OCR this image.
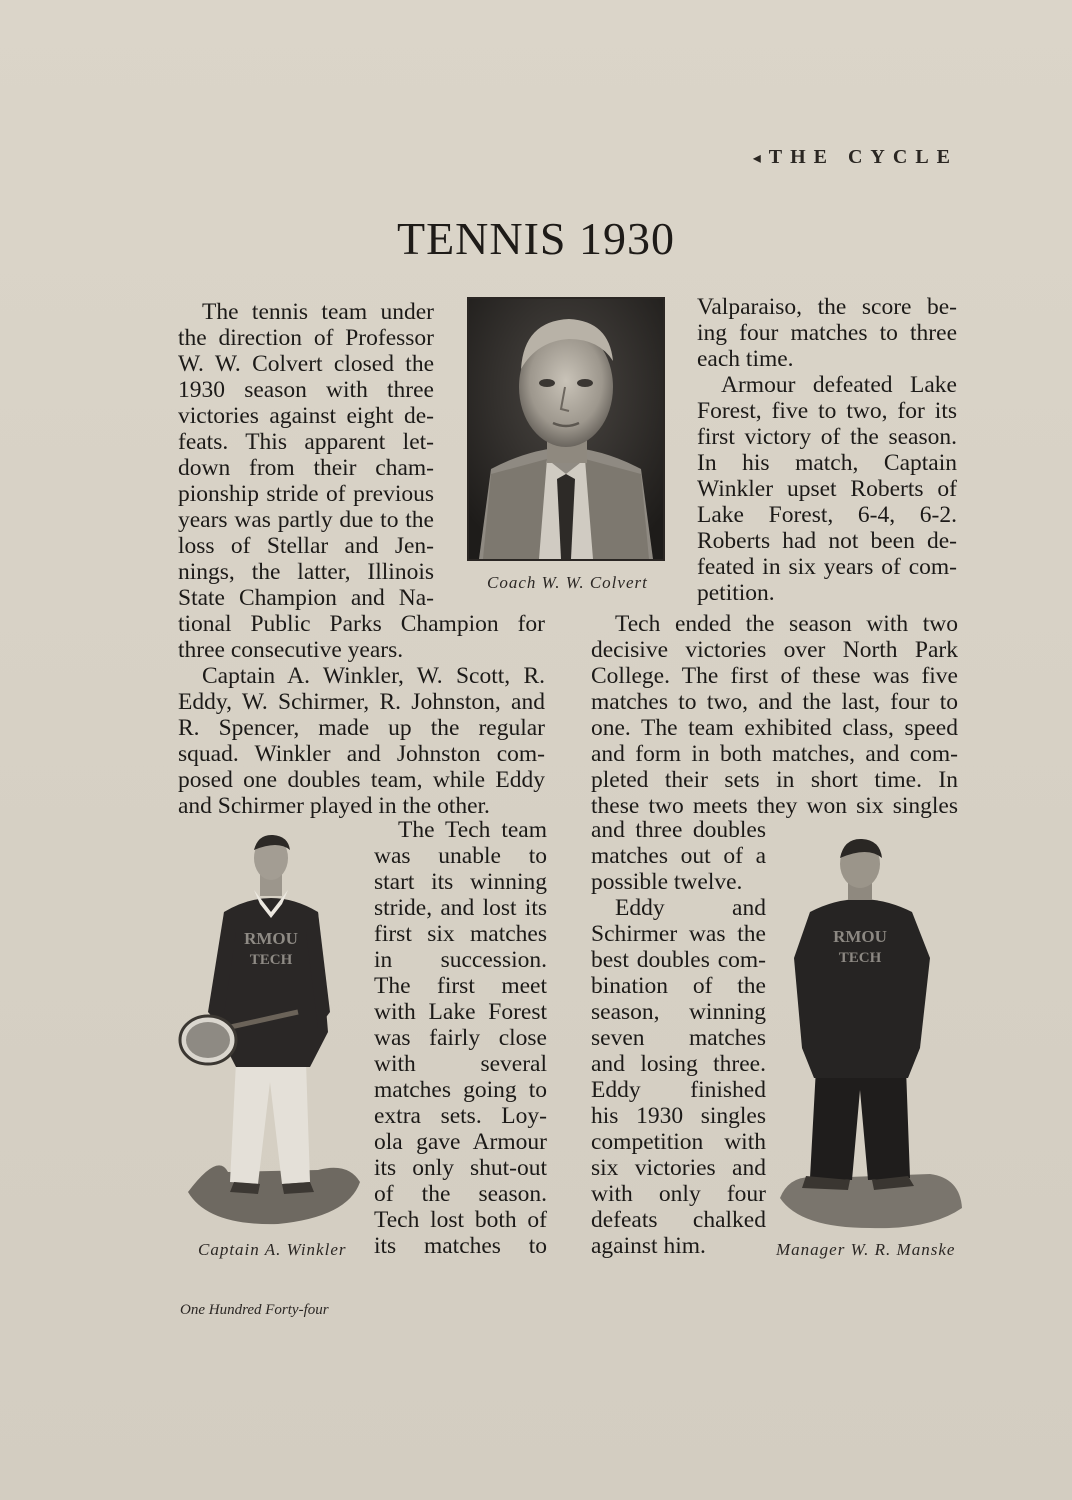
◂ THE CYCLE
TENNIS 1930
Coach W. W. Colvert
The tennis team under
the direction of Professor
W. W. Colvert closed the
1930 season with three
victories against eight de-
feats. This apparent let-
down from their cham-
pionship stride of previous
years was partly due to the
loss of Stellar and Jen-
nings, the latter, Illinois
State Champion and Na-
tional Public Parks Champion for
three consecutive years.
Captain A. Winkler, W. Scott, R.
Eddy, W. Schirmer, R. Johnston, and
R. Spencer, made up the regular
squad. Winkler and Johnston com-
posed one doubles team, while Eddy
and Schirmer played in the other.
The Tech team
was unable to
start its winning
stride, and lost its
first six matches
in succession.
The first meet
with Lake Forest
was fairly close
with several
matches going to
extra sets. Loy-
ola gave Armour
its only shut-out
of the season.
Tech lost both of
its matches to
Valparaiso, the score be-
ing four matches to three
each time.
Armour defeated Lake
Forest, five to two, for its
first victory of the season.
In his match, Captain
Winkler upset Roberts of
Lake Forest, 6-4, 6-2.
Roberts had not been de-
feated in six years of com-
petition.
Tech ended the season with two
decisive victories over North Park
College. The first of these was five
matches to two, and the last, four to
one. The team exhibited class, speed
and form in both matches, and com-
pleted their sets in short time. In
these two meets they won six singles
and three doubles
matches out of a
possible twelve.
Eddy and
Schirmer was the
best doubles com-
bination of the
season, winning
seven matches
and losing three.
Eddy finished
his 1930 singles
competition with
six victories and
with only four
defeats chalked
against him.
RMOU
TECH
Captain A. Winkler
RMOU
TECH
Manager W. R. Manske
One Hundred Forty-four
